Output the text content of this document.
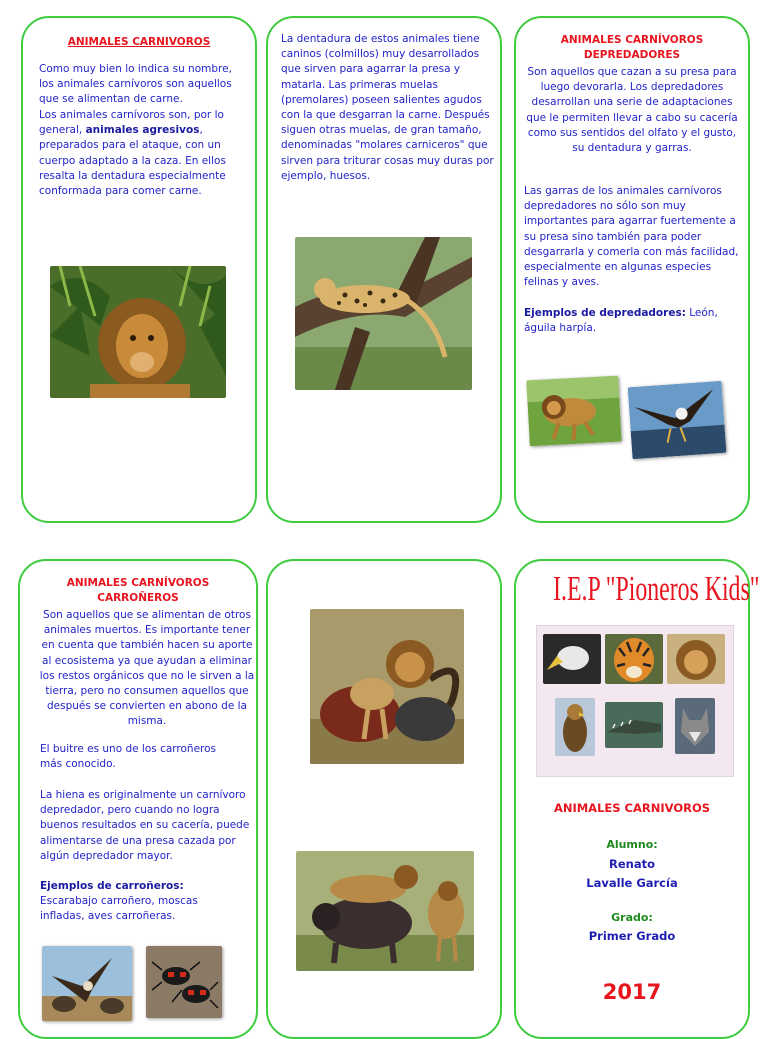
ANIMALES CARNIVOROS
Como muy bien lo indica su nombre, los animales carnívoros son aquellos que se alimentan de carne.
Los animales carnívoros son, por lo general, animales agresivos, preparados para el ataque, con un cuerpo adaptado a la caza. En ellos resalta la dentadura especialmente conformada para comer carne.
La dentadura de estos animales tiene caninos (colmillos) muy desarrollados que sirven para agarrar la presa y matarla. Las primeras muelas (premolares) poseen salientes agudos con la que desgarran la carne. Después siguen otras muelas, de gran tamaño, denominadas "molares carniceros" que sirven para triturar cosas muy duras por ejemplo, huesos.
ANIMALES CARNÍVOROS
DEPREDADORES
Son aquellos que cazan a su presa para luego devorarla. Los depredadores desarrollan una serie de adaptaciones que le permiten llevar a cabo su cacería como sus sentidos del olfato y el gusto, su dentadura y garras.
Las garras de los animales carnívoros depredadores no sólo son muy importantes para agarrar fuertemente a su presa sino también para poder desgarrarla y comerla con más facilidad, especialmente en algunas especies felinas y aves.
Ejemplos de depredadores: León, águila harpía.
ANIMALES CARNÍVOROS
CARROÑEROS
Son aquellos que se alimentan de otros animales muertos. Es importante tener en cuenta que también hacen su aporte al ecosistema ya que ayudan a eliminar los restos orgánicos que no le sirven a la tierra, pero no consumen aquellos que después se convierten en abono de la misma.
El buitre es uno de los carroñeros más conocido.
La hiena es originalmente un carnívoro depredador, pero cuando no logra buenos resultados en su cacería, puede alimentarse de una presa cazada por algún depredador mayor.
Ejemplos de carroñeros: Escarabajo carroñero, moscas infladas, aves carroñeras.
I.E.P "Pioneros Kids"
ANIMALES CARNIVOROS
Alumno:
Renato
Lavalle García
Grado:
Primer Grado
2017
